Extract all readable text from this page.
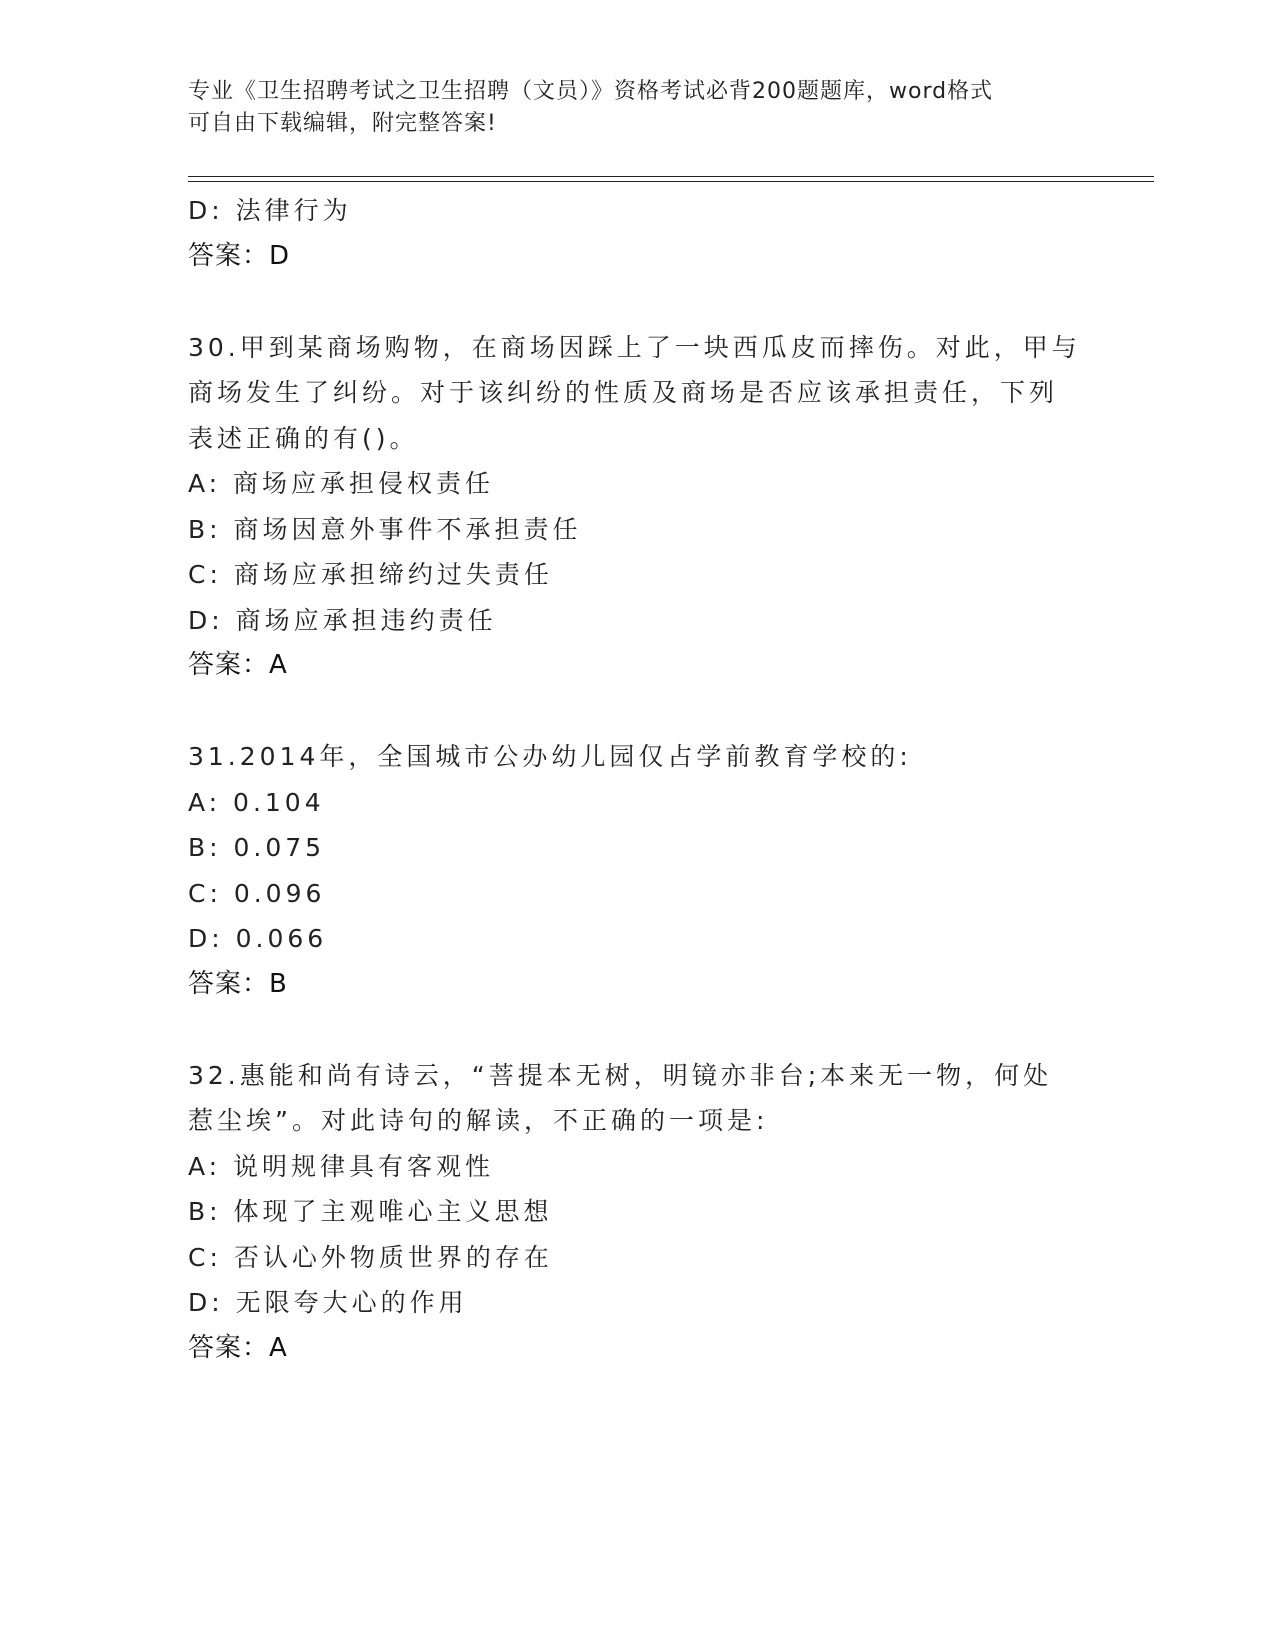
专业《卫生招聘考试之卫生招聘（文员）》资格考试必背200题题库，word格式
可自由下载编辑，附完整答案!
D: 法律行为
答案：D
30.甲到某商场购物，在商场因踩上了一块西瓜皮而摔伤。对此，甲与
商场发生了纠纷。对于该纠纷的性质及商场是否应该承担责任，下列
表述正确的有()。
A: 商场应承担侵权责任
B: 商场因意外事件不承担责任
C: 商场应承担缔约过失责任
D: 商场应承担违约责任
答案：A
31.2014年，全国城市公办幼儿园仅占学前教育学校的:
A: 0.104
B: 0.075
C: 0.096
D: 0.066
答案：B
32.惠能和尚有诗云，“菩提本无树，明镜亦非台;本来无一物，何处
惹尘埃”。对此诗句的解读，不正确的一项是:
A: 说明规律具有客观性
B: 体现了主观唯心主义思想
C: 否认心外物质世界的存在
D: 无限夸大心的作用
答案：A
